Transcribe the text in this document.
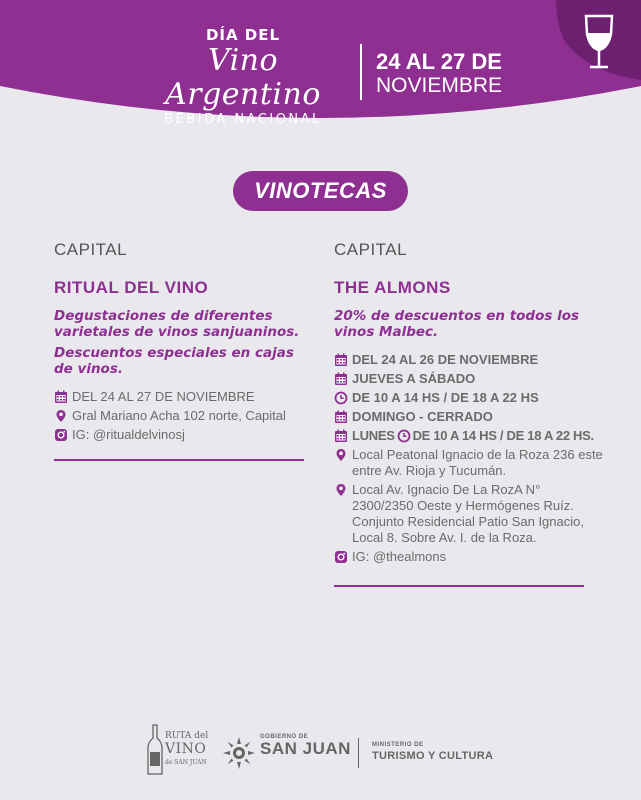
DÍA DEL
Vino Argentino
BEBIDA NACIONAL
24 AL 27 DE
NOVIEMBRE
VINOTECAS
CAPITAL
RITUAL DEL VINO
Degustaciones de diferentes varietales de vinos sanjuaninos.
Descuentos especiales en cajas de vinos.
DEL 24 AL 27 DE NOVIEMBRE
Gral Mariano Acha 102 norte, Capital
IG: @ritualdelvinosj
CAPITAL
THE ALMONS
20% de descuentos en todos los vinos Malbec.
DEL 24 AL 26 DE NOVIEMBRE
JUEVES A SÁBADO
DE 10 A 14 HS / DE 18 A 22 HS
DOMINGO - CERRADO
LUNES DE 10 A 14 HS / DE 18 A 22 HS.
Local Peatonal Ignacio de la Roza 236 este entre Av. Rioja y Tucumán.
Local Av. Ignacio De La RozA N° 2300/2350 Oeste y Hermógenes Ruíz. Conjunto Residencial Patio San Ignacio, Local 8. Sobre Av. I. de la Roza.
IG: @thealmons
RUTA del
VINO
de SAN JUAN
GOBIERNO DE
SAN JUAN	MINISTERIO DE
TURISMO Y CULTURA
